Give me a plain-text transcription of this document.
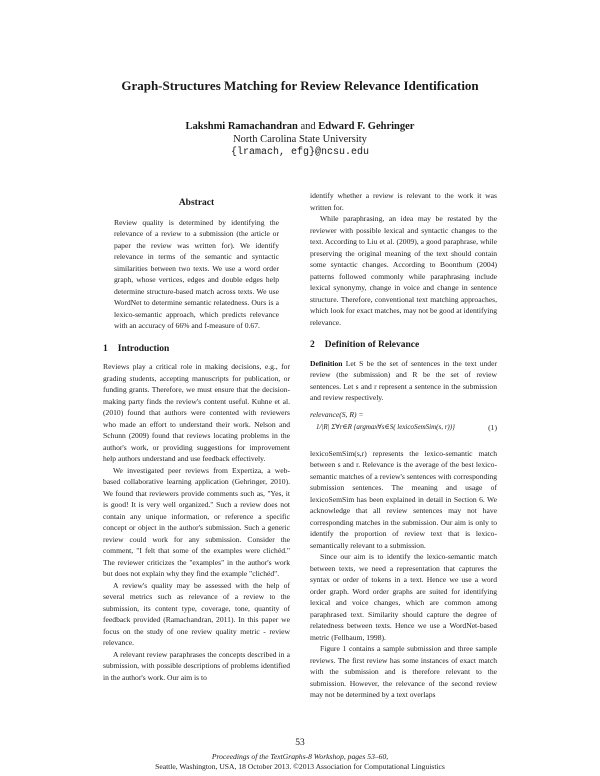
Graph-Structures Matching for Review Relevance Identification
Lakshmi Ramachandran and Edward F. Gehringer
North Carolina State University
{lramach, efg}@ncsu.edu
Abstract

Review quality is determined by identifying the relevance of a review to a submission (the article or paper the review was written for). We identify relevance in terms of the semantic and syntactic similarities between two texts. We use a word order graph, whose vertices, edges and double edges help determine structure-based match across texts. We use WordNet to determine semantic relatedness. Ours is a lexico-semantic approach, which predicts relevance with an accuracy of 66% and f-measure of 0.67.

1 Introduction

Reviews play a critical role in making decisions, e.g., for grading students, accepting manuscripts for publication, or funding grants. Therefore, we must ensure that the decision-making party finds the review's content useful. Kuhne et al. (2010) found that authors were contented with reviewers who made an effort to understand their work. Nelson and Schunn (2009) found that reviews locating problems in the author's work, or providing suggestions for improvement help authors understand and use feedback effectively.

We investigated peer reviews from Expertiza, a web-based collaborative learning application (Gehringer, 2010). We found that reviewers provide comments such as, "Yes, it is good! It is very well organized." Such a review does not contain any unique information, or reference a specific concept or object in the author's submission. Such a generic review could work for any submission. Consider the comment, "I felt that some of the examples were clichéd." The reviewer criticizes the "examples" in the author's work but does not explain why they find the example "clichéd".

A review's quality may be assessed with the help of several metrics such as relevance of a review to the submission, its content type, coverage, tone, quantity of feedback provided (Ramachandran, 2011). In this paper we focus on the study of one review quality metric - review relevance.

A relevant review paraphrases the concepts described in a submission, with possible descriptions of problems identified in the author's work. Our aim is to

identify whether a review is relevant to the work it was written for.

While paraphrasing, an idea may be restated by the reviewer with possible lexical and syntactic changes to the text. According to Liu et al. (2009), a good paraphrase, while preserving the original meaning of the text should contain some syntactic changes. According to Boonthum (2004) patterns followed commonly while paraphrasing include lexical synonymy, change in voice and change in sentence structure. Therefore, conventional text matching approaches, which look for exact matches, may not be good at identifying relevance.

2 Definition of Relevance

Definition Let S be the set of sentences in the text under review (the submission) and R be the set of review sentences. Let s and r represent a sentence in the submission and review respectively.

relevance(S, R) =
1/|R| Σ∀r∈R {argmax∀s∈S( lexicoSemSim(s, r))}	(1)

lexicoSemSim(s,r) represents the lexico-semantic match between s and r. Relevance is the average of the best lexico-semantic matches of a review's sentences with corresponding submission sentences. The meaning and usage of lexicoSemSim has been explained in detail in Section 6. We acknowledge that all review sentences may not have corresponding matches in the submission. Our aim is only to identify the proportion of review text that is lexico-semantically relevant to a submission.

Since our aim is to identify the lexico-semantic match between texts, we need a representation that captures the syntax or order of tokens in a text. Hence we use a word order graph. Word order graphs are suited for identifying lexical and voice changes, which are common among paraphrased text. Similarity should capture the degree of relatedness between texts. Hence we use a WordNet-based metric (Fellbaum, 1998).

Figure 1 contains a sample submission and three sample reviews. The first review has some instances of exact match with the submission and is therefore relevant to the submission. However, the relevance of the second review may not be determined by a text overlaps

53
Proceedings of the TextGraphs-8 Workshop, pages 53–60,
Seattle, Washington, USA, 18 October 2013. ©2013 Association for Computational Linguistics
